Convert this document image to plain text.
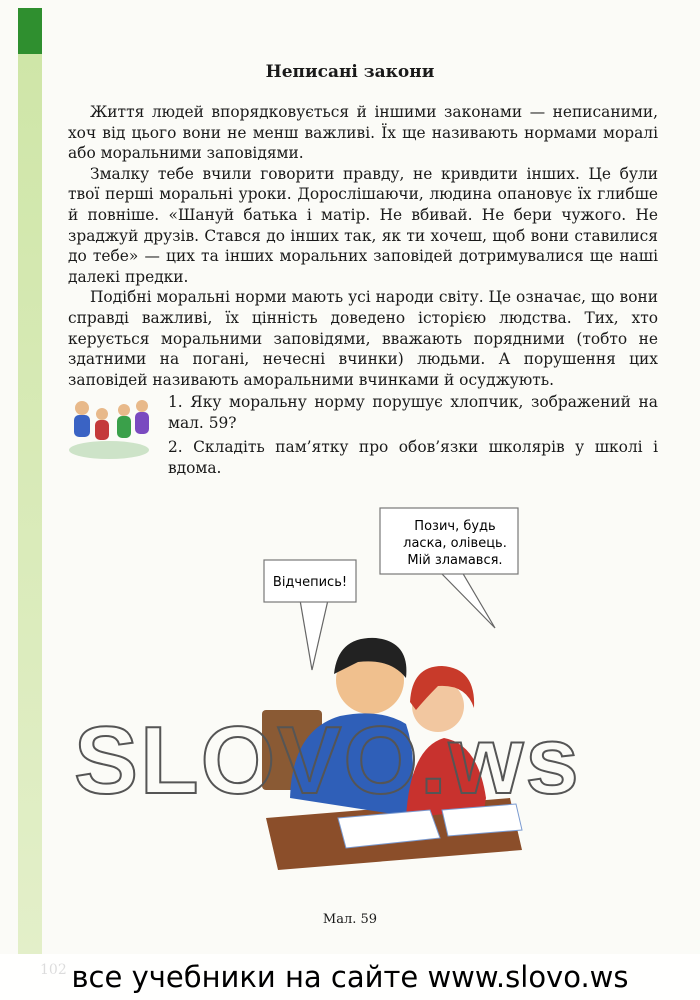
Неписані закони

Життя людей впорядковується й іншими законами — неписаними, хоч від цього вони не менш важливі. Їх ще називають нормами моралі або моральними заповідями.

Змалку тебе вчили говорити правду, не кривдити інших. Це були твої перші моральні уроки. Дорослішаючи, людина опановує їх глибше й повніше. «Шануй батька і матір. Не вбивай. Не бери чужого. Не зраджуй друзів. Стався до інших так, як ти хочеш, щоб вони ставилися до тебе» — цих та інших моральних заповідей дотримувалися ще наші далекі предки.

Подібні моральні норми мають усі народи світу. Це означає, що вони справді важливі, їх цінність доведено історією людства. Тих, хто керується моральними заповідями, вважають порядними (тобто не здатними на погані, нечесні вчинки) людьми. А порушення цих заповідей називають аморальними вчинками й осуджують.

1. Яку моральну норму порушує хлопчик, зображений на мал. 59?

2. Складіть пам’ятку про обов’язки школярів у школі і вдома.

Відчепись!
Позич, будь
ласка, олівець.
Мій зламався.
SLOVO.ws
Мал. 59
все учебники на сайте www.slovo.ws
